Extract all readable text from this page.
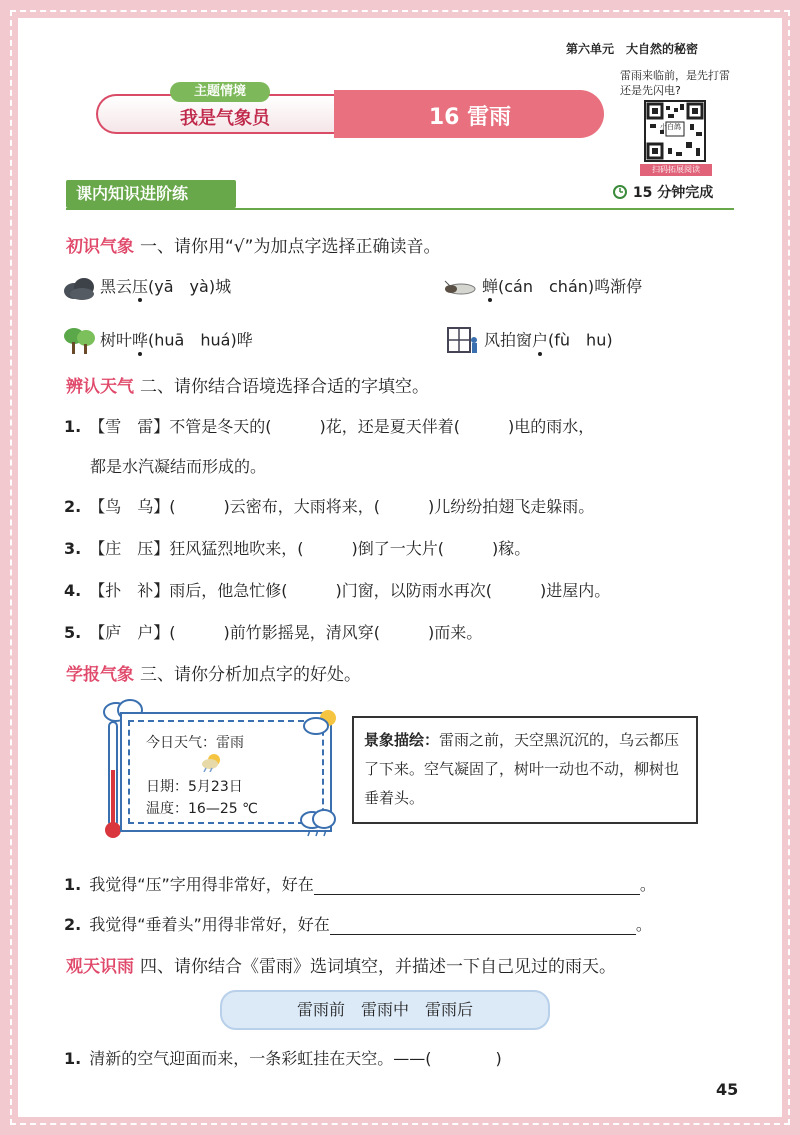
第六单元　大自然的秘密
雷雨来临前，是先打雷还是先闪电?
小白鸽
扫码拓展阅读
主题情境
我是气象员	16 雷雨
课内知识进阶练	15 分钟完成
初识气象 一、请你用“√”为加点字选择正确读音。
黑云压(yā　yà)城	蝉(cán　chán)鸣渐停
树叶哗(huā　huá)哗	风拍窗户(fù　hu)
辨认天气 二、请你结合语境选择合适的字填空。
1. 【雪　雷】不管是冬天的(　　　)花，还是夏天伴着(　　　)电的雨水，
都是水汽凝结而形成的。
2. 【鸟　乌】(　　　)云密布，大雨将来，(　　　)儿纷纷拍翅飞走躲雨。
3. 【庄　压】狂风猛烈地吹来，(　　　)倒了一大片(　　　)稼。
4. 【扑　补】雨后，他急忙修(　　　)门窗，以防雨水再次(　　　)进屋内。
5. 【庐　户】(　　　)前竹影摇晃，清风穿(　　　)而来。
学报气象 三、请你分析加点字的好处。
今日天气：雷雨
日期：5月23日
温度：16—25 ℃
景象描绘：雷雨之前，天空黑沉沉的，乌云都压了下来。空气凝固了，树叶一动也不动，柳树也垂着头。
1. 我觉得“压”字用得非常好，好在	。
2. 我觉得“垂着头”用得非常好，好在	。
观天识雨 四、请你结合《雷雨》选词填空，并描述一下自己见过的雨天。
雷雨前　雷雨中　雷雨后
1. 清新的空气迎面而来，一条彩虹挂在天空。——(　　　　)
45
